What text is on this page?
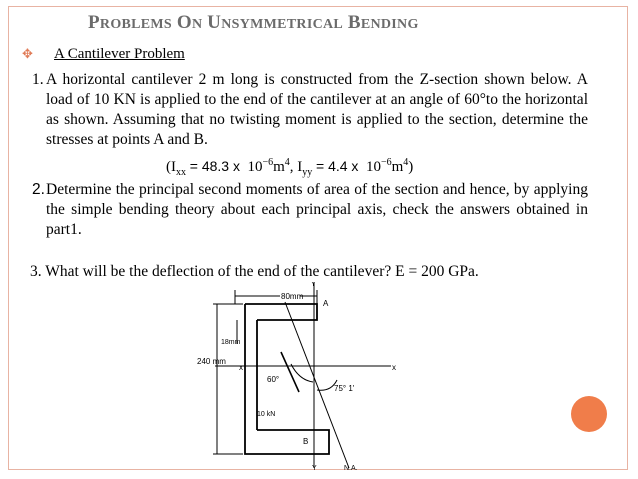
PROBLEMS ON UNSYMMETRICAL BENDING
✥ A Cantilever Problem
1. A horizontal cantilever 2 m long is constructed from the Z-section shown below. A load of 10 KN is applied to the end of the cantilever at an angle of 60°to the horizontal as shown. Assuming that no twisting moment is applied to the section, determine the stresses at points A and B.
($I_{xx} = 48.3$ x  $10^{-6}m^4$, $I_{yy} = 4.4$ x  $10^{-6}m^4$)
2. Determine the principal second moments of area of the section and hence, by applying the simple bending theory about each principal axis, check the answers obtained in part1.
3. What will be the deflection of the end of the cantilever? E = 200 GPa.
80mm
18mm
240 mm
x	x
60°
75° 1'
10 kN
A
B
Y
Y	N.A.
